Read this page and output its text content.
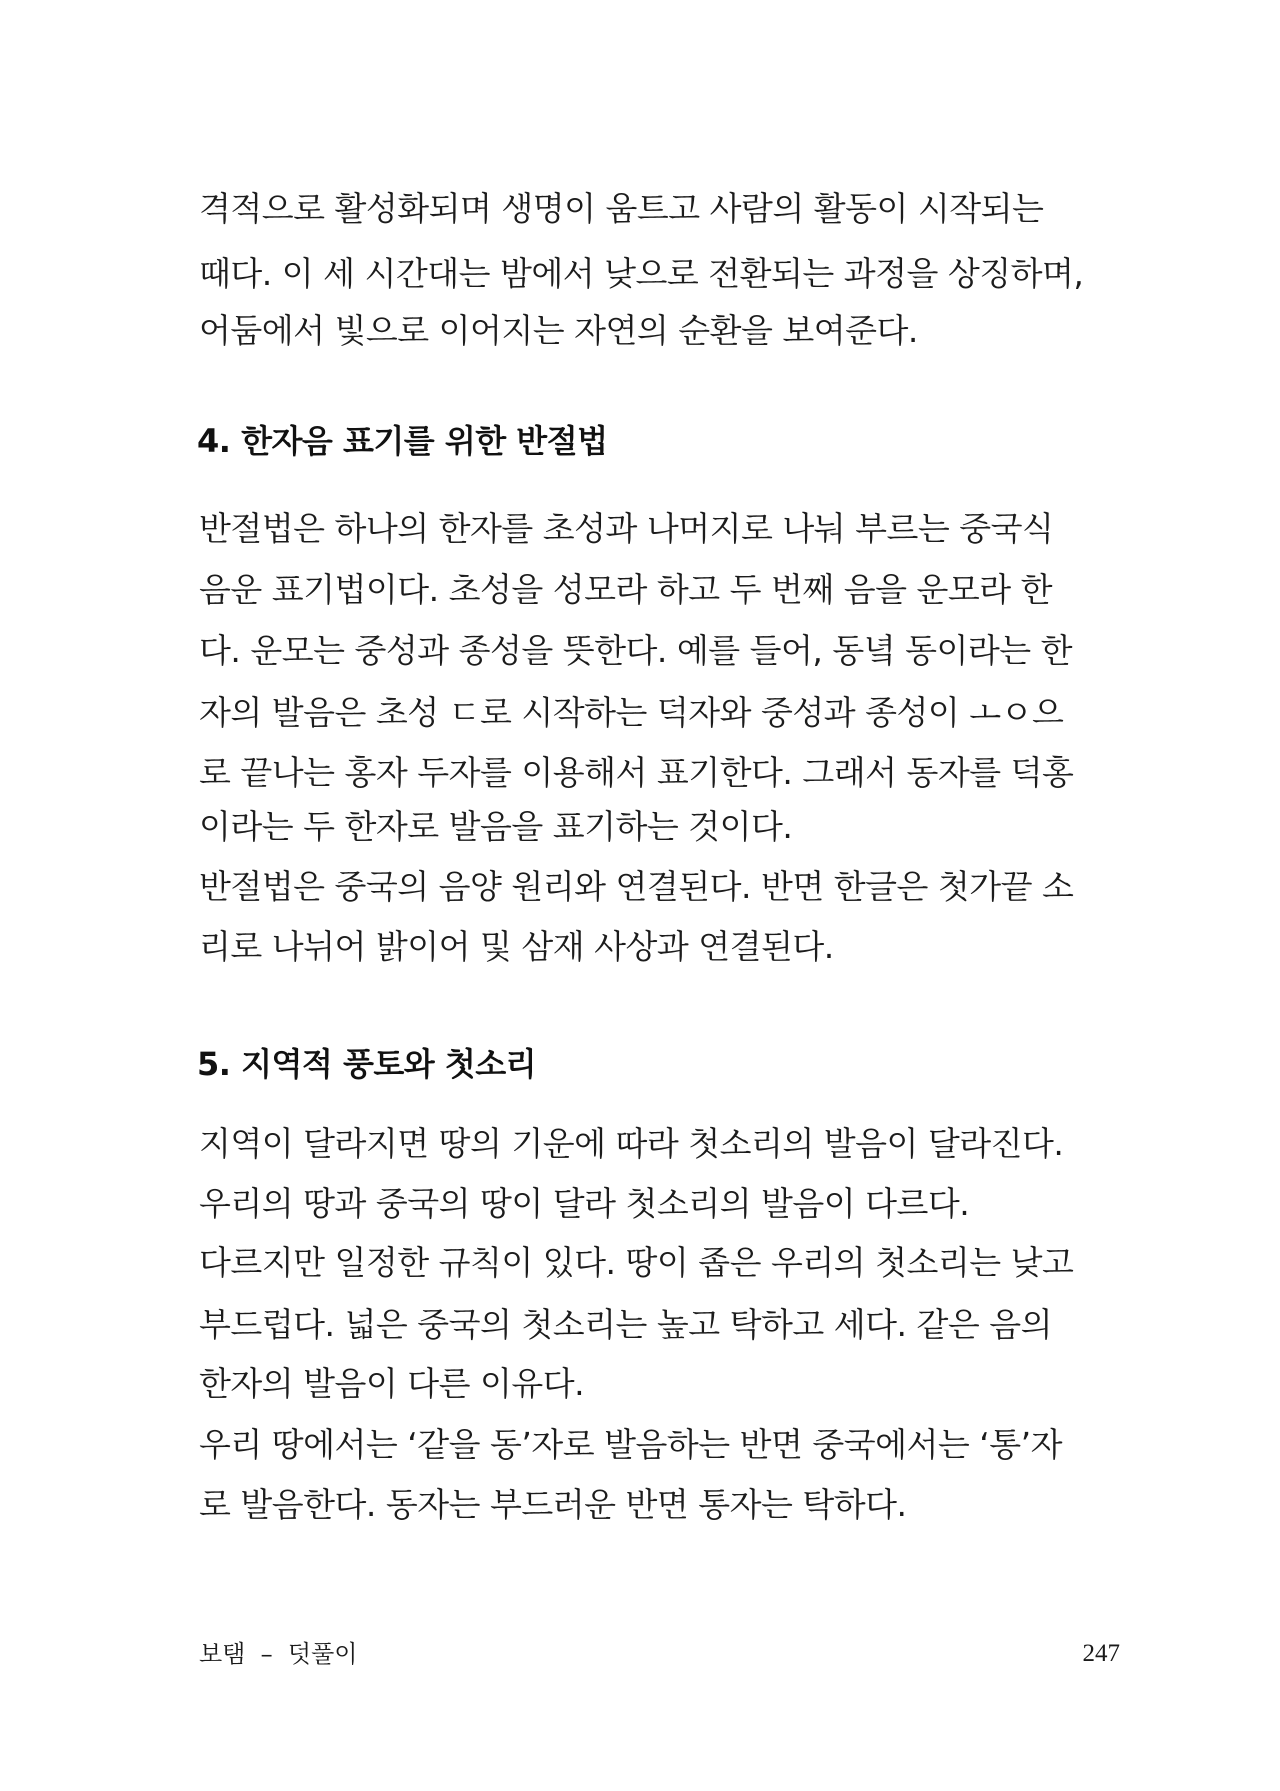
격적으로 활성화되며 생명이 움트고 사람의 활동이 시작되는
때다. 이 세 시간대는 밤에서 낮으로 전환되는 과정을 상징하며,
어둠에서 빛으로 이어지는 자연의 순환을 보여준다.
4. 한자음 표기를 위한 반절법
반절법은 하나의 한자를 초성과 나머지로 나눠 부르는 중국식
음운 표기법이다. 초성을 성모라 하고 두 번째 음을 운모라 한
다. 운모는 중성과 종성을 뜻한다. 예를 들어, 동녘 동이라는 한
자의 발음은 초성 ㄷ로 시작하는 덕자와 중성과 종성이 ㅗㅇ으
로 끝나는 홍자 두자를 이용해서 표기한다. 그래서 동자를 덕홍
이라는 두 한자로 발음을 표기하는 것이다.
반절법은 중국의 음양 원리와 연결된다. 반면 한글은 첫가끝 소
리로 나뉘어 밝이어 및 삼재 사상과 연결된다.
5. 지역적 풍토와 첫소리
지역이 달라지면 땅의 기운에 따라 첫소리의 발음이 달라진다.
우리의 땅과 중국의 땅이 달라 첫소리의 발음이 다르다.
다르지만 일정한 규칙이 있다. 땅이 좁은 우리의 첫소리는 낮고
부드럽다. 넓은 중국의 첫소리는 높고 탁하고 세다. 같은 음의
한자의 발음이 다른 이유다.
우리 땅에서는 ‘같을 동’자로 발음하는 반면 중국에서는 ‘통’자
로 발음한다. 동자는 부드러운 반면 통자는 탁하다.
보탬  –  덧풀이	247
